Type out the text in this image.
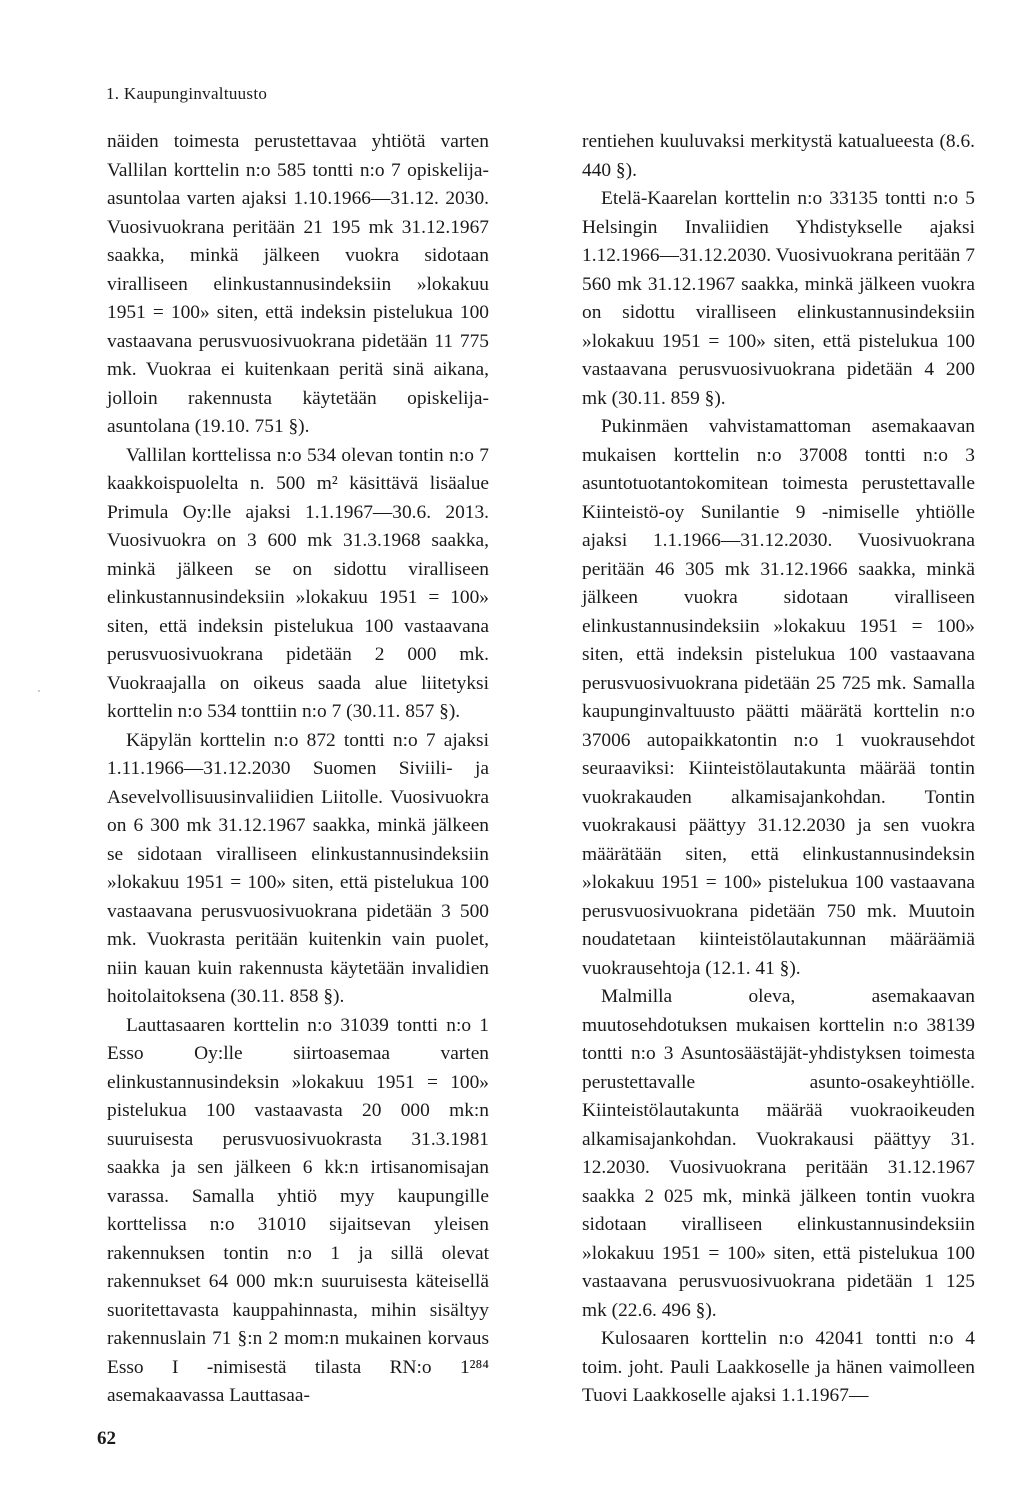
1. Kaupunginvaltuusto

näiden toimesta perustettavaa yhtiötä varten Vallilan korttelin n:o 585 tontti n:o 7 opiskelija-asuntolaa varten ajaksi 1.10.1966—31.12. 2030. Vuosivuokrana peritään 21 195 mk 31.12.1967 saakka, minkä jälkeen vuokra sidotaan viralliseen elinkustannusindeksiin »lokakuu 1951 = 100» siten, että indeksin pistelukua 100 vastaavana perusvuosivuokrana pidetään 11 775 mk. Vuokraa ei kuitenkaan peritä sinä aikana, jolloin rakennusta käytetään opiskelija-asuntolana (19.10. 751 §).

Vallilan korttelissa n:o 534 olevan tontin n:o 7 kaakkoispuolelta n. 500 m² käsittävä lisäalue Primula Oy:lle ajaksi 1.1.1967—30.6. 2013. Vuosivuokra on 3 600 mk 31.3.1968 saakka, minkä jälkeen se on sidottu viralliseen elinkustannusindeksiin »lokakuu 1951 = 100» siten, että indeksin pistelukua 100 vastaavana perusvuosivuokrana pidetään 2 000 mk. Vuokraajalla on oikeus saada alue liitetyksi korttelin n:o 534 tonttiin n:o 7 (30.11. 857 §).

Käpylän korttelin n:o 872 tontti n:o 7 ajaksi 1.11.1966—31.12.2030 Suomen Siviili- ja Asevelvollisuusinvaliidien Liitolle. Vuosivuokra on 6 300 mk 31.12.1967 saakka, minkä jälkeen se sidotaan viralliseen elinkustannusindeksiin »lokakuu 1951 = 100» siten, että pistelukua 100 vastaavana perusvuosivuokrana pidetään 3 500 mk. Vuokrasta peritään kuitenkin vain puolet, niin kauan kuin rakennusta käytetään invalidien hoitolaitoksena (30.11. 858 §).

Lauttasaaren korttelin n:o 31039 tontti n:o 1 Esso Oy:lle siirtoasemaa varten elinkustannusindeksin »lokakuu 1951 = 100» pistelukua 100 vastaavasta 20 000 mk:n suuruisesta perusvuosivuokrasta 31.3.1981 saakka ja sen jälkeen 6 kk:n irtisanomisajan varassa. Samalla yhtiö myy kaupungille korttelissa n:o 31010 sijaitsevan yleisen rakennuksen tontin n:o 1 ja sillä olevat rakennukset 64 000 mk:n suuruisesta käteisellä suoritettavasta kauppahinnasta, mihin sisältyy rakennuslain 71 §:n 2 mom:n mukainen korvaus Esso I -nimisestä tilasta RN:o 1²⁸⁴ asemakaavassa Lauttasaa-

rentiehen kuuluvaksi merkitystä katualueesta (8.6. 440 §).

Etelä-Kaarelan korttelin n:o 33135 tontti n:o 5 Helsingin Invaliidien Yhdistykselle ajaksi 1.12.1966—31.12.2030. Vuosivuokrana peritään 7 560 mk 31.12.1967 saakka, minkä jälkeen vuokra on sidottu viralliseen elinkustannusindeksiin »lokakuu 1951 = 100» siten, että pistelukua 100 vastaavana perusvuosivuokrana pidetään 4 200 mk (30.11. 859 §).

Pukinmäen vahvistamattoman asemakaavan mukaisen korttelin n:o 37008 tontti n:o 3 asuntotuotantokomitean toimesta perustettavalle Kiinteistö-oy Sunilantie 9 -nimiselle yhtiölle ajaksi 1.1.1966—31.12.2030. Vuosivuokrana peritään 46 305 mk 31.12.1966 saakka, minkä jälkeen vuokra sidotaan viralliseen elinkustannusindeksiin »lokakuu 1951 = 100» siten, että indeksin pistelukua 100 vastaavana perusvuosivuokrana pidetään 25 725 mk. Samalla kaupunginvaltuusto päätti määrätä korttelin n:o 37006 autopaikkatontin n:o 1 vuokrausehdot seuraaviksi: Kiinteistölautakunta määrää tontin vuokrakauden alkamisajankohdan. Tontin vuokrakausi päättyy 31.12.2030 ja sen vuokra määrätään siten, että elinkustannusindeksin »lokakuu 1951 = 100» pistelukua 100 vastaavana perusvuosivuokrana pidetään 750 mk. Muutoin noudatetaan kiinteistölautakunnan määräämiä vuokrausehtoja (12.1. 41 §).

Malmilla oleva, asemakaavan muutosehdotuksen mukaisen korttelin n:o 38139 tontti n:o 3 Asuntosäästäjät-yhdistyksen toimesta perustettavalle asunto-osakeyhtiölle. Kiinteistölautakunta määrää vuokraoikeuden alkamisajankohdan. Vuokrakausi päättyy 31. 12.2030. Vuosivuokrana peritään 31.12.1967 saakka 2 025 mk, minkä jälkeen tontin vuokra sidotaan viralliseen elinkustannusindeksiin »lokakuu 1951 = 100» siten, että pistelukua 100 vastaavana perusvuosivuokrana pidetään 1 125 mk (22.6. 496 §).

Kulosaaren korttelin n:o 42041 tontti n:o 4 toim. joht. Pauli Laakkoselle ja hänen vaimolleen Tuovi Laakkoselle ajaksi 1.1.1967—

62
